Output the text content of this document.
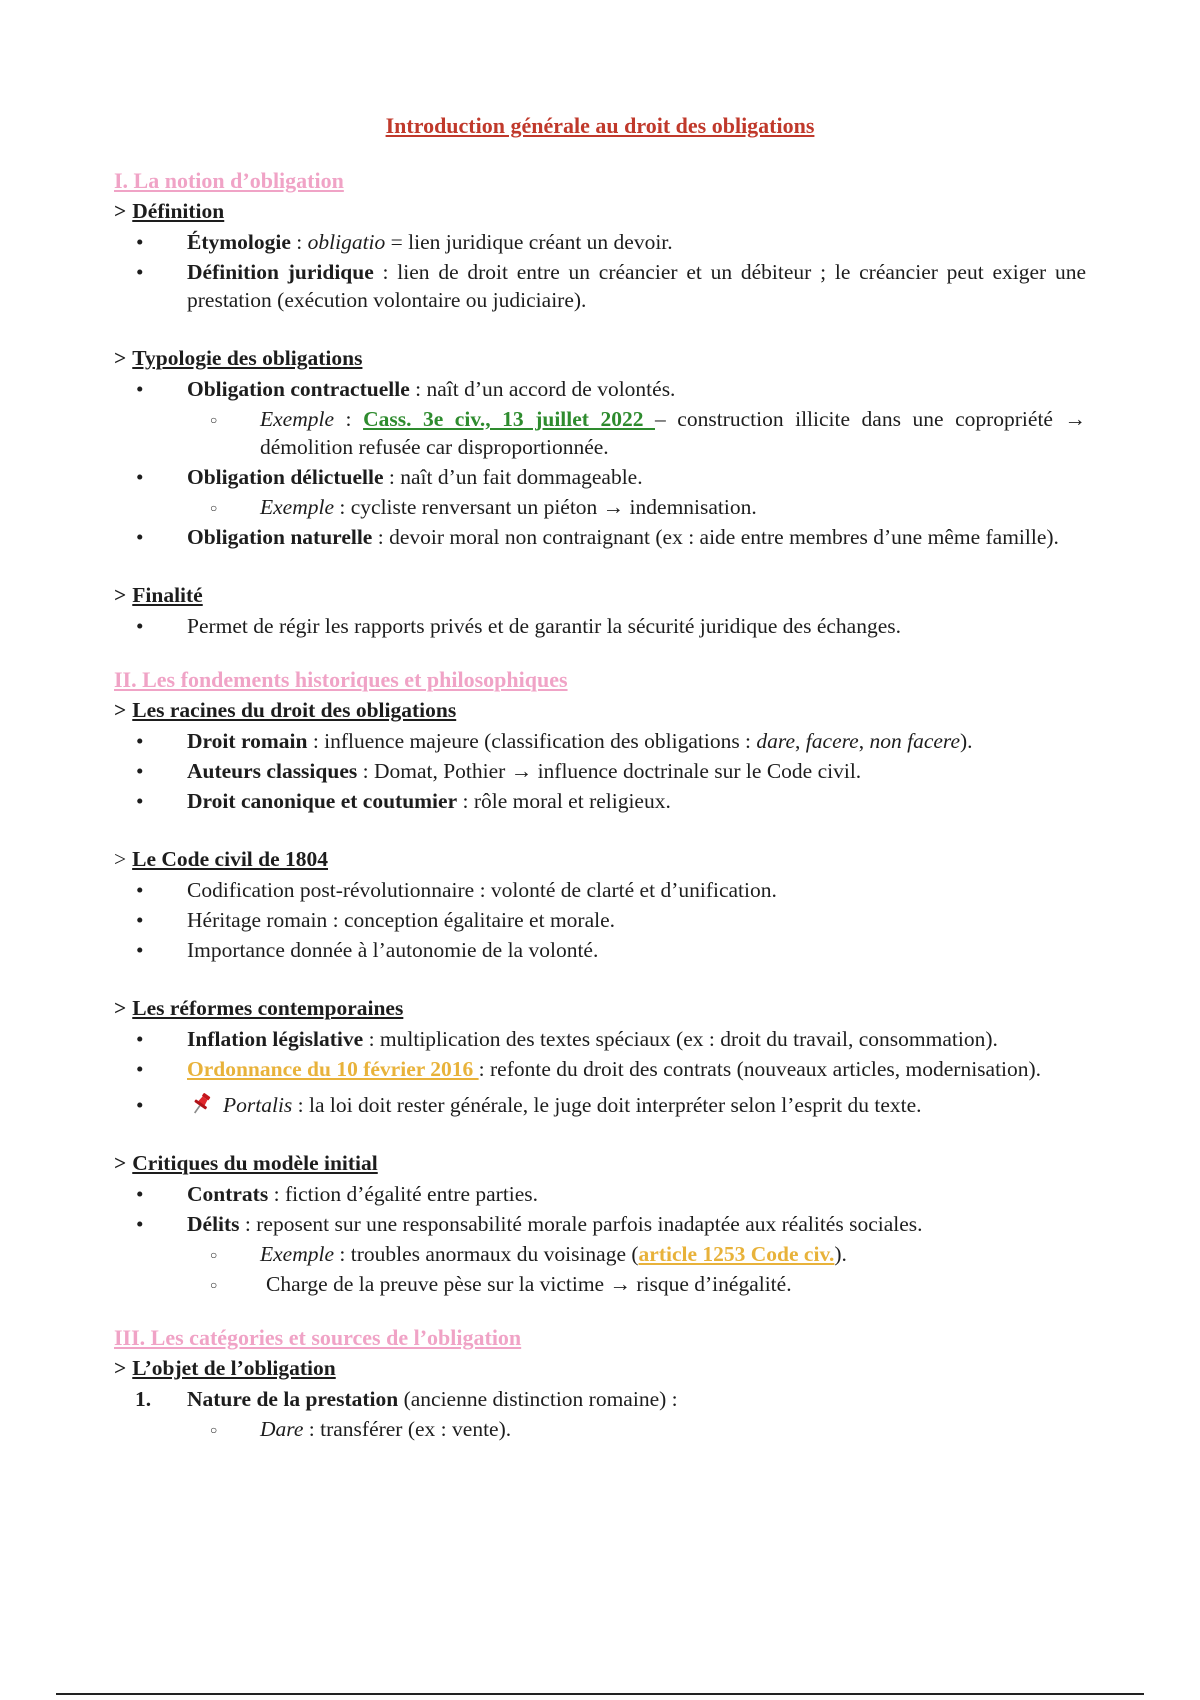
Introduction générale au droit des obligations
I. La notion d’obligation

> Définition

• Étymologie : obligatio = lien juridique créant un devoir.
• Définition juridique : lien de droit entre un créancier et un débiteur ; le créancier peut exiger une prestation (exécution volontaire ou judiciaire).

> Typologie des obligations

• Obligation contractuelle : naît d’un accord de volontés.
○ Exemple : Cass. 3e civ., 13 juillet 2022 – construction illicite dans une copropriété → démolition refusée car disproportionnée.
• Obligation délictuelle : naît d’un fait dommageable.
○ Exemple : cycliste renversant un piéton → indemnisation.
• Obligation naturelle : devoir moral non contraignant (ex : aide entre membres d’une même famille).

> Finalité

• Permet de régir les rapports privés et de garantir la sécurité juridique des échanges.
II. Les fondements historiques et philosophiques

> Les racines du droit des obligations

• Droit romain : influence majeure (classification des obligations : dare, facere, non facere).
• Auteurs classiques : Domat, Pothier → influence doctrinale sur le Code civil.
• Droit canonique et coutumier : rôle moral et religieux.

> Le Code civil de 1804

• Codification post-révolutionnaire : volonté de clarté et d’unification.
• Héritage romain : conception égalitaire et morale.
• Importance donnée à l’autonomie de la volonté.

> Les réformes contemporaines

• Inflation législative : multiplication des textes spéciaux (ex : droit du travail, consommation).
• Ordonnance du 10 février 2016 : refonte du droit des contrats (nouveaux articles, modernisation).
•	Portalis : la loi doit rester générale, le juge doit interpréter selon l’esprit du texte.

> Critiques du modèle initial

• Contrats : fiction d’égalité entre parties.
• Délits : reposent sur une responsabilité morale parfois inadaptée aux réalités sociales.
○ Exemple : troubles anormaux du voisinage (article 1253 Code civ.).
○ Charge de la preuve pèse sur la victime → risque d’inégalité.
III. Les catégories et sources de l’obligation

> L’objet de l’obligation

1. Nature de la prestation (ancienne distinction romaine) :
○ Dare : transférer (ex : vente).
